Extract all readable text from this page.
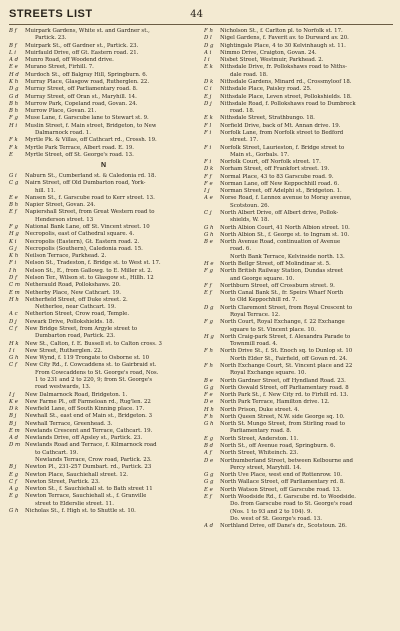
STREETS LIST	44
B f	Muirpark Gardens, White st. and Gardner st.,
Partick. 23.
B f	Muirpark St., off Gardner st., Partick. 23.
L i	Muirfauld Drive, off Gt. Eastern road. 21.
A d	Munro Road, off Woodend drive.
E e	Murano Street, Firhill. 7.
H d	Murdoch St., off Balgray Hill, Springburn. 6.
K h	Murray Place, Glasgow road, Rutherglen. 22.
D g	Murray Street, off Parliamentary road. 8.
G d	Murray Street, off Oran st., Maryhill. 14.
B h	Murrow Park, Copeland road, Govan. 24.
B h	Murrow Place, Govan. 21.
F g	Muse Lane, f. Garscube lane to Stewart st. 9.
H i	Muslin Street, f. Main street, Bridgeton, to New
Dalmarnock road. 1.
F k	Myrtle Pk. & Villas, off Cathcart rd., Crossh. 19.
F k	Myrtle Park Terrace, Albert road. E. 19.
E	Myrtle Street, off St. George's road. 13.
N
G i	Naburn St., Cumberland st. & Caledonia rd. 18.
C g	Nairn Street, off Old Dumbarton road, York-
hill. 11.
E e	Nansen St., f. Garscube road to Kerr street. 13.
B h	Napier Street, Govan. 24.
E f	Napiershall Street, from Great Western road to
Henderson street. 13
F g	National Bank Lane, off St. Vincent street. 10
H g	Necropolis, east of Cathedral square. 4.
K i	Necropolis (Eastern), Gt. Eastern road. 2.
G j	Necropolis (Southern), Caledonia road. 15.
K h	Neilson Terrace, Parkhead. 2.
F i	Nelson St., Tradeston, f. Bridge st. to West st. 17.
I h	Nelson St., E., from Gallowg. to E. Miller st. 2.
D f	Nelson Ter., Wilson st. to Glasgow st., Hillh. 12
C m Netherauld Road, Pollokshaws. 20.
E m Netherby Place, New Cathcart. 19.
H h	Netherfield Street, off Duke street. 2.
Netherlee, near Cathcart. 19.
A c	Netherton Street, Crow road, Temple.
D j	Newark Drive, Pollokshields. 18.
C f	New Bridge Street, from Argyle street to
Dumbarton road, Partick. 23.
H k	New St., Calton, f. E. Bussell st. to Calton cross. 3
I i	New Street, Rutherglen. 22.
G h	New Wynd, f. 119 Trongate to Osborne st. 10
C f	New City Rd., f. Cowcaddens st. to Gairbraid st.
From Cowcaddens to St. George's road, Nos.
1 to 231 and 2 to 220, 9; from St. George's
road westwards, 13.
I j	New Dalmarnock Road, Bridgeton. 1.
K e	New Farme Pl., off Farmeloan rd., Rug'len. 22
D k	Newfield Lane, off South Kinning place. 17.
B j	Newhall St., east end of Main st., Bridgeton. 3
B j	Newhall Terrace, Greenhead. 3.
E m Newlands Crescent and Terrace, Cathcart. 19.
A d	Newlands Drive, off Apsley st., Partick. 23.
D m Newlands Road and Terrace, f. Kilmarnock road
to Cathcart. 19.
Newlands Terrace, Crow road, Partick. 23.
B j	Newton Pl., 231-257 Dumbart. rd., Partick. 23
E g	Newton Place, Sauchiehall street. 12.
C f	Newton Street, Partick. 23.
A g	Newton St., f. Sauchiehall st. to Bath street 11
E g	Newton Terrace, Sauchiehall st., f. Granville
street to Elderslie street. 11.
G h	Nicholas St., f. High st. to Shuttle st. 10.
F h	Nicholson St., f. Carlton pl. to Norfolk st. 17.
D l	Nigel Gardens, f. Faverit av. to Durward av. 20.
D g	Nightingale Place, 4 to 30 Kelvinhaugh st. 11.
A i	Nimmo Drive, Craigton, Govan. 24.
I i	Nisbet Street, Westmuir, Parkhead. 2.
E k	Nithsdale Drive, fr. Pollokshaws road to Niths-
dale road. 18.
D k	Nithsdale Gardens, Minard rd., Crossmyloof 18.
C i	Nithsdale Place, Paisley road. 25.
E j	Nithsdale Place, Leven street, Pollokshields. 18.
D j	Nithsdale Road, f. Pollokshaws road to Dumbreck
road. 18.
E k	Nithsdale Street, Strathbungo. 18.
F l	Norfield Drive, back of Mt. Annan drive. 19.
F i	Norfolk Lane, from Norfolk street to Bedford
street. 17.
F i	Norfolk Street, Laurieston, f. Bridge street to
Main st., Gorbals. 17.
F i	Norfolk Court, off Norfolk street. 17.
D k	Norham Street, off Frankfort street. 19.
F f	Normal Place, 43 to 83 Garscube road. 9.
F e	Norman Lane, off New Keppochhill road. 6.
I j	Norman Street, off Adelphi st., Bridgeton. 1.
A e	Norse Road, f. Lennox avenue to Moray avenue,
Scotstoun. 26.
C j	North Albert Drive, off Albert drive, Pollok-
shields, W. 18.
G h	North Albion Court, 41 North Albion street. 10.
G h	North Albion St., f. George st. to Ingram st. 10.
B e	North Avenue Road, continuation of Avenue
road. 6.
North Bank Terrace, Kelvinside north. 13.
H e	North Bellgr Street, off Molindinar st. 5.
F g	North British Railway Station, Dundas street
and George square. 10.
F f	Northburn Street, off Crossburn street. 9.
E f	North Canal Bank St., fr. Speirs Wharf North
to Old Keppochhill rd. 7.
D g	North Claremont Street, from Royal Crescent to
Royal Terrace. 12.
F g	North Court, Royal Exchange, f. 22 Exchange
square to St. Vincent place. 10.
H g	North Craig-park Street, f. Alexandra Parade to
Townmill road. 4.
F h	North Drive St., f. St. Enoch sq. to Dunlop st. 10
North Elder St., Fairfield, off Govan rd. 24.
F h	North Exchange Court, St. Vincent place and 22
Royal Exchange square. 10.
B e	North Gardner Street, off Hyndland Road. 23.
G g	North Oswald Street, off Parliamentary road. 8
F e	North Park St., f. New City rd. to Firhill rd. 13.
D e	North Park Terrace, Hamilton drive. 12.
H h	North Prison, Duke street. 4.
F h	North Queen Street, N.W. side George sq. 10.
G h	North St. Mungo Street, from Stirling road to
Parliamentary road. 8.
E g	North Street, Anderston. 11.
B d	North St., off Avenue road, Springburn. 6.
A f	North Street, Whiteinch. 23.
D e	Northumberland Street, between Kelbourne and
Percy street, Maryhill. 14.
G g	North Uve Place, west end of Rottenrow. 10.
G g	North Wallace Street, off Parliamentary rd. 8.
E e	North Watson Street, off Garscube road. 13.
E f	North Woodside Rd., f. Garscube rd. to Woodside.
Do. from Garscube road to St. George's road
(Nos. 1 to 93 and 2 to 104). 9.
Do. west of St. George's road. 13.
A d	Northland Drive, off Dane's dr., Scotstoun. 26.
